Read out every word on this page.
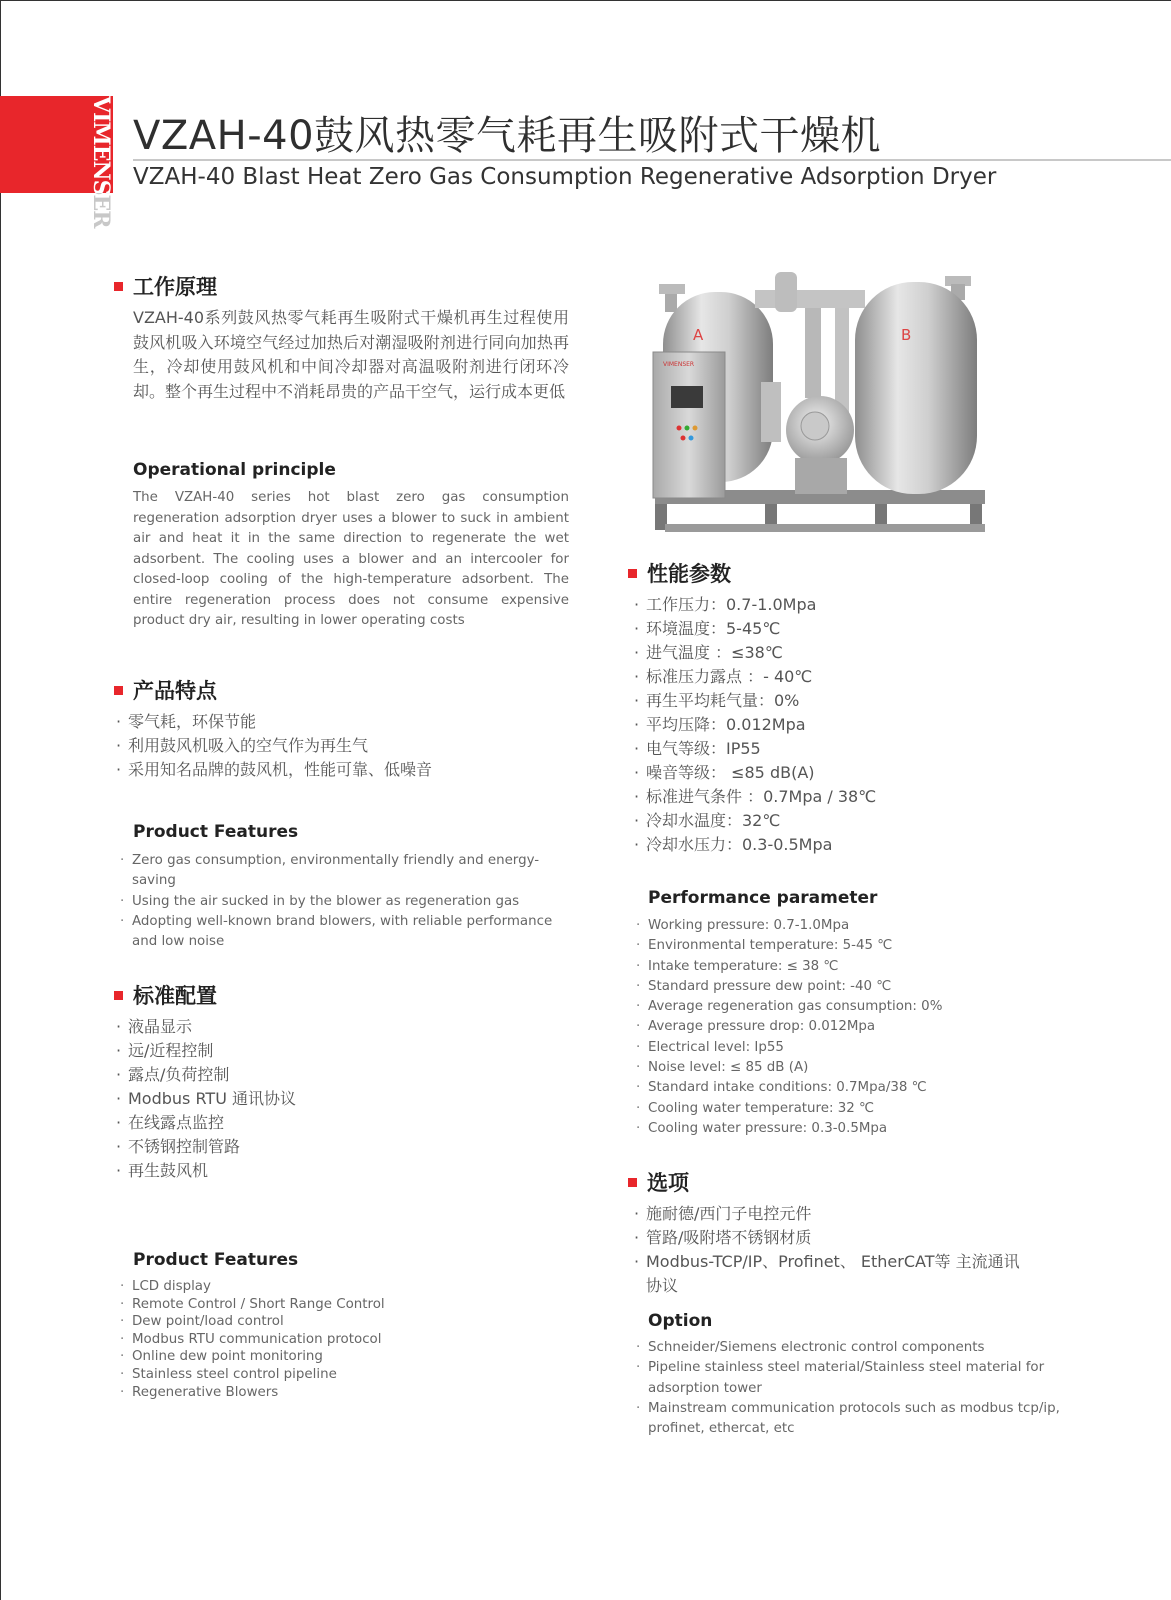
VIMENSER VZAH-40鼓风热零气耗再生吸附式干燥机
VZAH-40 Blast Heat Zero Gas Consumption Regenerative Adsorption Dryer
工作原理

VZAH-40系列鼓风热零气耗再生吸附式干燥机再生过程使用鼓风机吸入环境空气经过加热后对潮湿吸附剂进行同向加热再生，冷却使用鼓风机和中间冷却器对高温吸附剂进行闭环冷却。整个再生过程中不消耗昂贵的产品干空气，运行成本更低

Operational principle

The VZAH-40 series hot blast zero gas consumption regeneration adsorption dryer uses a blower to suck in ambient air and heat it in the same direction to regenerate the wet adsorbent. The cooling uses a blower and an intercooler for closed-loop cooling of the high-temperature adsorbent. The entire regeneration process does not consume expensive product dry air, resulting in lower operating costs

产品特点
· 零气耗，环保节能
· 利用鼓风机吸入的空气作为再生气
· 采用知名品牌的鼓风机，性能可靠、低噪音
Product Features
· Zero gas consumption, environmentally friendly and energy-saving
· Using the air sucked in by the blower as regeneration gas
· Adopting well-known brand blowers, with reliable performance and low noise
标准配置
· 液晶显示
· 远/近程控制
· 露点/负荷控制
· Modbus RTU 通讯协议
· 在线露点监控
· 不锈钢控制管路
· 再生鼓风机
Product Features
· LCD display
· Remote Control / Short Range Control
· Dew point/load control
· Modbus RTU communication protocol
· Online dew point monitoring
· Stainless steel control pipeline
· Regenerative Blowers
A	B
VIMENSER
性能参数
· 工作压力：0.7-1.0Mpa
· 环境温度：5-45℃
· 进气温度 ：≤38℃
· 标准压力露点 ：- 40℃
· 再生平均耗气量：0%
· 平均压降：0.012Mpa
· 电气等级：IP55
· 噪音等级： ≤85 dB(A)
· 标准进气条件 ：0.7Mpa / 38℃
· 冷却水温度：32℃
· 冷却水压力：0.3-0.5Mpa
Performance parameter
· Working pressure: 0.7-1.0Mpa
· Environmental temperature: 5-45 ℃
· Intake temperature: ≤ 38 ℃
· Standard pressure dew point: -40 ℃
· Average regeneration gas consumption: 0%
· Average pressure drop: 0.012Mpa
· Electrical level: Ip55
· Noise level: ≤ 85 dB (A)
· Standard intake conditions: 0.7Mpa/38 ℃
· Cooling water temperature: 32 ℃
· Cooling water pressure: 0.3-0.5Mpa
选项
· 施耐德/西门子电控元件
· 管路/吸附塔不锈钢材质
· Modbus-TCP/IP、Profinet、 EtherCAT等 主流通讯协议
Option
· Schneider/Siemens electronic control components
· Pipeline stainless steel material/Stainless steel material for adsorption tower
· Mainstream communication protocols such as modbus tcp/ip, profinet, ethercat, etc
